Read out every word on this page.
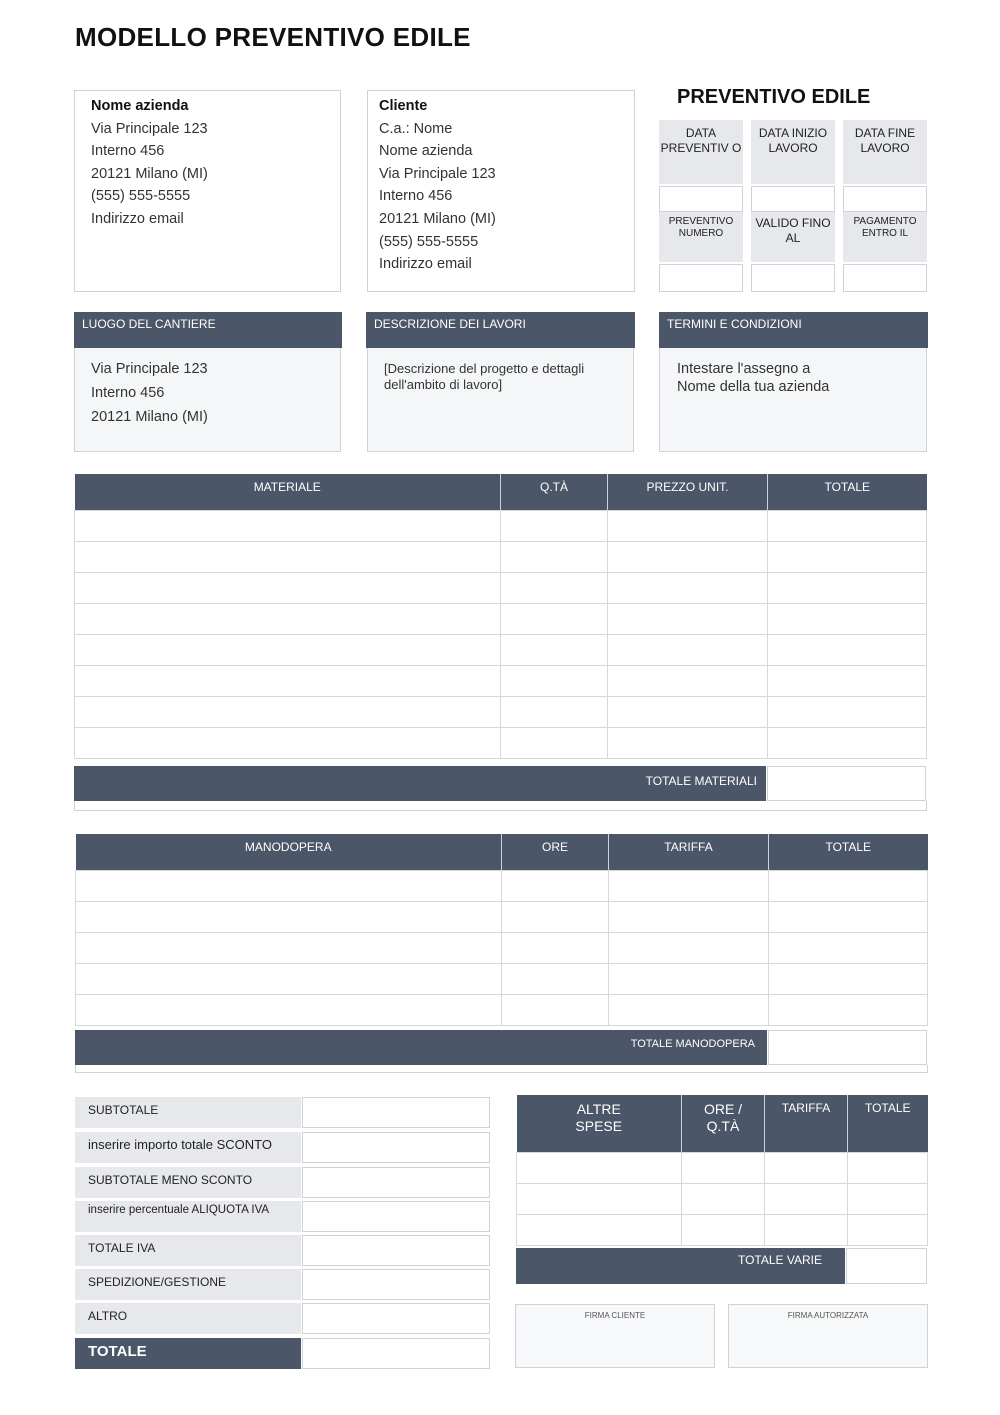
MODELLO PREVENTIVO EDILE
Nome azienda
Via Principale 123
Interno 456
20121 Milano (MI)
(555) 555-5555
Indirizzo email
Cliente
C.a.: Nome
Nome azienda
Via Principale 123
Interno 456
20121 Milano (MI)
(555) 555-5555
Indirizzo email
PREVENTIVO EDILE
DATA PREVENTIV O
DATA INIZIO LAVORO
DATA FINE LAVORO
PREVENTIVO NUMERO
VALIDO FINO AL
PAGAMENTO ENTRO IL
LUOGO DEL CANTIERE
Via Principale 123
Interno 456
20121 Milano (MI)
DESCRIZIONE DEI LAVORI
[Descrizione del progetto e dettagli dell'ambito di lavoro]
TERMINI E CONDIZIONI
Intestare l'assegno a Nome della tua azienda
MATERIALE	Q.TÀ	PREZZO UNIT.	TOTALE

TOTALE MATERIALI
MANODOPERA	ORE	TARIFFA	TOTALE

TOTALE MANODOPERA
SUBTOTALE
inserire importo totale SCONTO
SUBTOTALE MENO SCONTO
inserire percentuale ALIQUOTA IVA
TOTALE IVA
SPEDIZIONE/GESTIONE
ALTRO
TOTALE
ALTRE SPESE	ORE / Q.TÀ	TARIFFA	TOTALE

TOTALE VARIE
FIRMA CLIENTE	FIRMA AUTORIZZATA
